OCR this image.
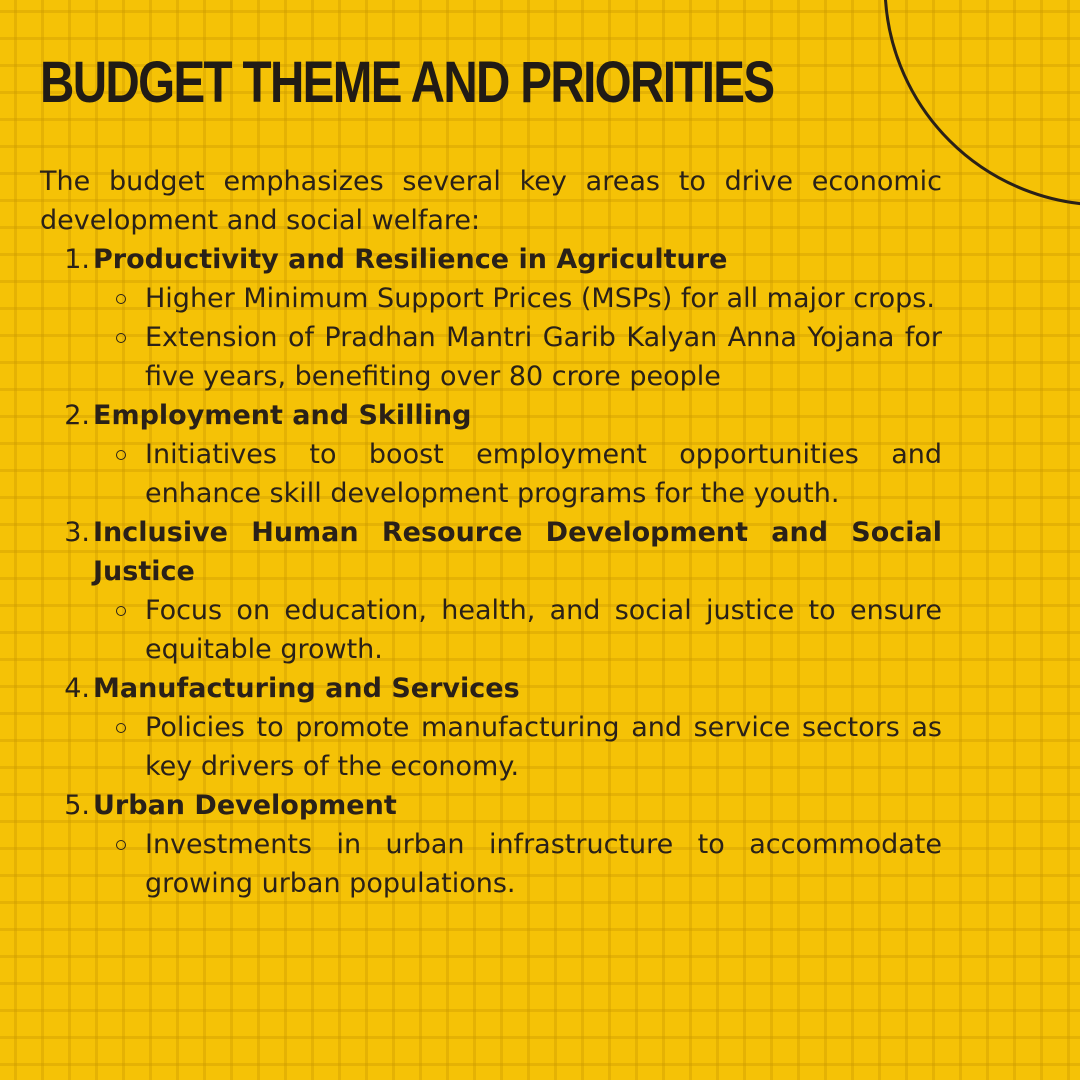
BUDGET THEME AND PRIORITIES

The budget emphasizes several key areas to drive economic development and social welfare:

1. Productivity and Resilience in Agriculture
Higher Minimum Support Prices (MSPs) for all major crops.
Extension of Pradhan Mantri Garib Kalyan Anna Yojana for five years, benefiting over 80 crore people
2. Employment and Skilling
Initiatives to boost employment opportunities and enhance skill development programs for the youth.
3. Inclusive Human Resource Development and Social Justice
Focus on education, health, and social justice to ensure equitable growth.
4. Manufacturing and Services
Policies to promote manufacturing and service sectors as key drivers of the economy.
5. Urban Development
Investments in urban infrastructure to accommodate growing urban populations.
